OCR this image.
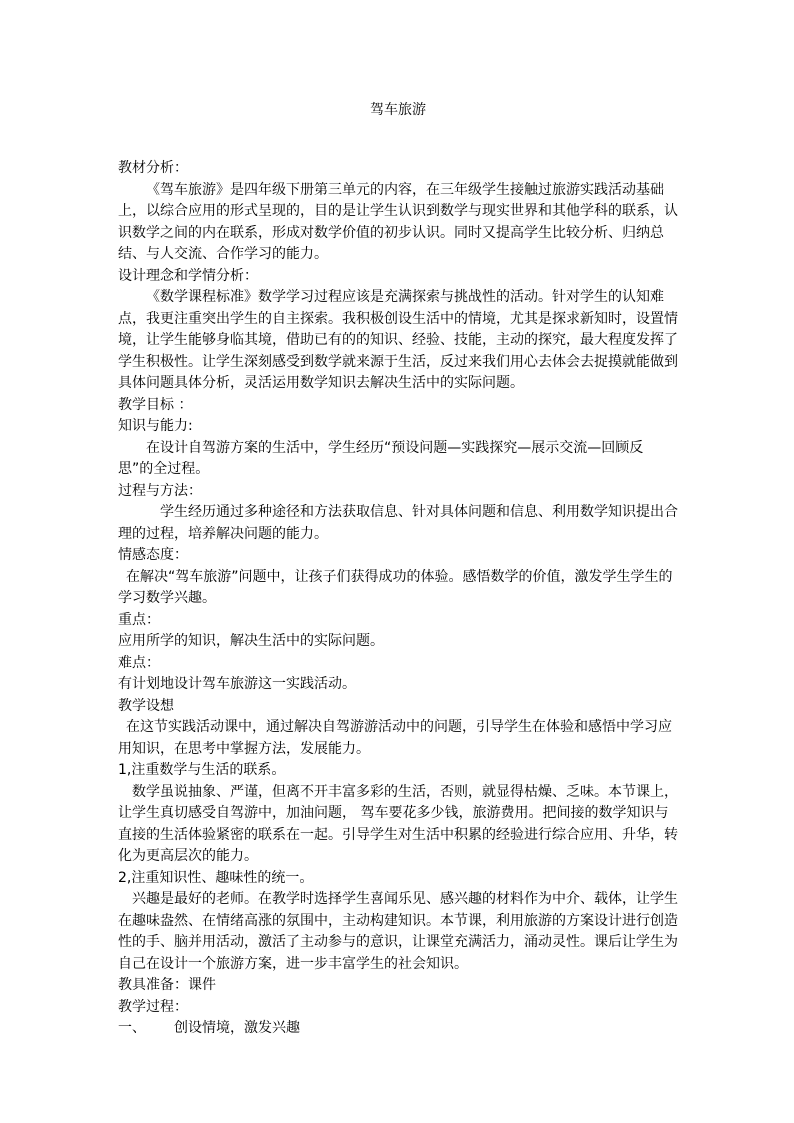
驾车旅游

教材分析：

《驾车旅游》是四年级下册第三单元的内容，在三年级学生接触过旅游实践活动基础上，以综合应用的形式呈现的，目的是让学生认识到数学与现实世界和其他学科的联系，认识数学之间的内在联系，形成对数学价值的初步认识。同时又提高学生比较分析、归纳总结、与人交流、合作学习的能力。

设计理念和学情分析：

《数学课程标准》数学学习过程应该是充满探索与挑战性的活动。针对学生的认知难点，我更注重突出学生的自主探索。我积极创设生活中的情境，尤其是探求新知时，设置情境，让学生能够身临其境，借助已有的的知识、经验、技能，主动的探究，最大程度发挥了学生积极性。让学生深刻感受到数学就来源于生活，反过来我们用心去体会去捉摸就能做到具体问题具体分析，灵活运用数学知识去解决生活中的实际问题。

教学目标 ：

知识与能力:

在设计自驾游方案的生活中，学生经历“预设问题—实践探究—展示交流—回顾反思”的全过程。

过程与方法：

学生经历通过多种途径和方法获取信息、针对具体问题和信息、利用数学知识提出合理的过程，培养解决问题的能力。

情感态度：

在解决“驾车旅游”问题中，让孩子们获得成功的体验。感悟数学的价值，激发学生学生的学习数学兴趣。

重点：

应用所学的知识，解决生活中的实际问题。

难点：

有计划地设计驾车旅游这一实践活动。

教学设想

在这节实践活动课中，通过解决自驾游游活动中的问题，引导学生在体验和感悟中学习应用知识，在思考中掌握方法，发展能力。

1,注重数学与生活的联系。

数学虽说抽象、严谨，但离不开丰富多彩的生活，否则，就显得枯燥、乏味。本节课上，让学生真切感受自驾游中，加油问题， 驾车要花多少钱，旅游费用。把间接的数学知识与直接的生活体验紧密的联系在一起。引导学生对生活中积累的经验进行综合应用、升华，转化为更高层次的能力。

2,注重知识性、趣味性的统一。

兴趣是最好的老师。在教学时选择学生喜闻乐见、感兴趣的材料作为中介、载体，让学生在趣味盎然、在情绪高涨的氛围中，主动构建知识。本节课，利用旅游的方案设计进行创造性的手、脑并用活动，激活了主动参与的意识，让课堂充满活力，涌动灵性。课后让学生为自己在设计一个旅游方案，进一步丰富学生的社会知识。

教具准备：课件

教学过程：

一、 创设情境，激发兴趣
